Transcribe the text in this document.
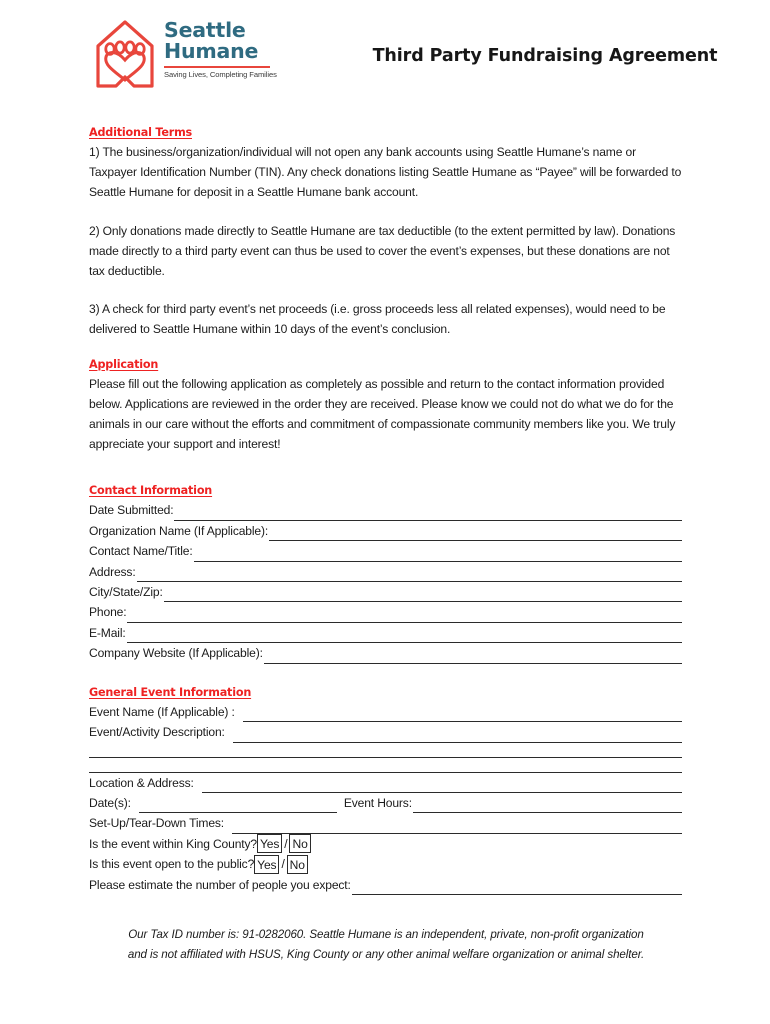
Seattle
Humane
Saving Lives, Completing Families
Third Party Fundraising Agreement
Additional Terms

1) The business/organization/individual will not open any bank accounts using Seattle Humane’s name or Taxpayer Identification Number (TIN). Any check donations listing Seattle Humane as “Payee” will be forwarded to Seattle Humane for deposit in a Seattle Humane bank account.

2) Only donations made directly to Seattle Humane are tax deductible (to the extent permitted by law). Donations made directly to a third party event can thus be used to cover the event’s expenses, but these donations are not tax deductible.

3) A check for third party event’s net proceeds (i.e. gross proceeds less all related expenses), would need to be delivered to Seattle Humane within 10 days of the event’s conclusion.

Application

Please fill out the following application as completely as possible and return to the contact information provided below. Applications are reviewed in the order they are received. Please know we could not do what we do for the animals in our care without the efforts and commitment of compassionate community members like you. We truly appreciate your support and interest!

Contact Information
Date Submitted:
Organization Name (If Applicable):
Contact Name/Title:
Address:
City/State/Zip:
Phone:
E-Mail:
Company Website (If Applicable):
General Event Information
Event Name (If Applicable) :
Event/Activity Description:
Location & Address:
Date(s):	Event Hours:
Set-Up/Tear-Down Times:
Is the event within King County? Yes / No
Is this event open to the public? Yes / No
Please estimate the number of people you expect:
Our Tax ID number is: 91-0282060. Seattle Humane is an independent, private, non-profit organization
and is not affiliated with HSUS, King County or any other animal welfare organization or animal shelter.
